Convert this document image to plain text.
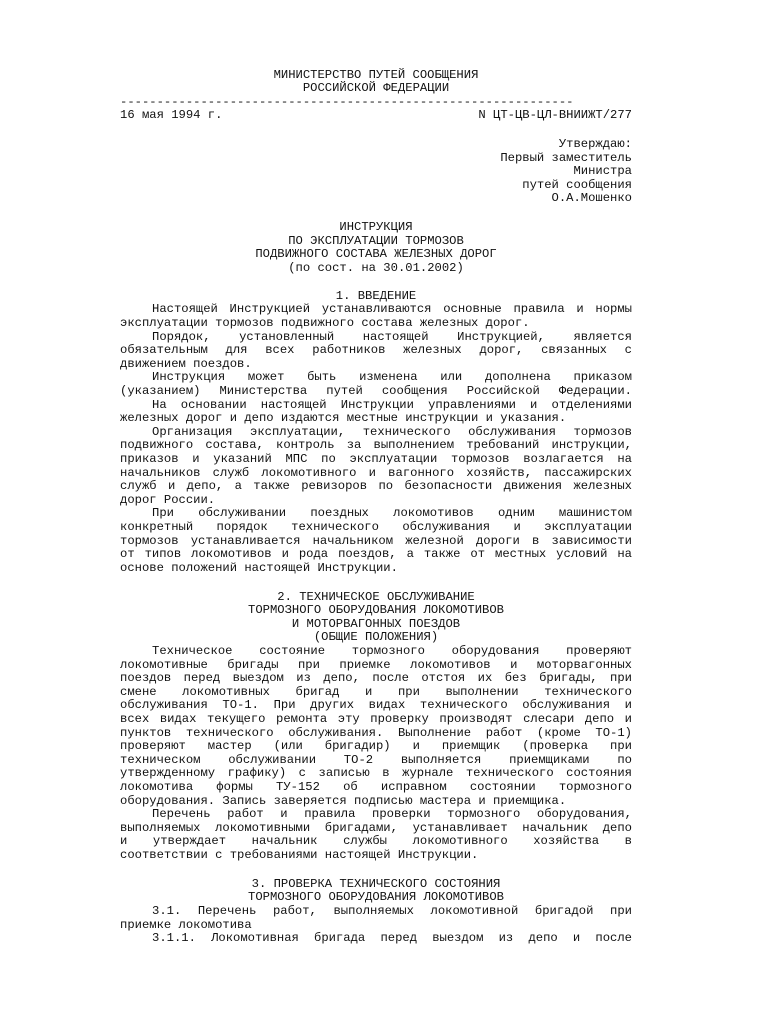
МИНИСТЕРСТВО ПУТЕЙ СООБЩЕНИЯ
РОССИЙСКОЙ ФЕДЕРАЦИИ
--------------------------------------------------------------
16 мая 1994 г.	N ЦТ-ЦВ-ЦЛ-ВНИИЖТ/277
Утверждаю:
Первый заместитель
Министра
путей сообщения
О.А.Мошенко
ИНСТРУКЦИЯ
ПО ЭКСПЛУАТАЦИИ ТОРМОЗОВ
ПОДВИЖНОГО СОСТАВА ЖЕЛЕЗНЫХ ДОРОГ
(по сост. на 30.01.2002)
1. ВВЕДЕНИЕ
Настоящей Инструкцией устанавливаются основные правила и нормы
эксплуатации тормозов подвижного состава железных дорог.
Порядок, установленный настоящей Инструкцией, является
обязательным для всех работников железных дорог, связанных с
движением поездов.
Инструкция может быть изменена или дополнена приказом
(указанием) Министерства путей сообщения Российской Федерации.
На основании настоящей Инструкции управлениями и отделениями
железных дорог и депо издаются местные инструкции и указания.
Организация эксплуатации, технического обслуживания тормозов
подвижного состава, контроль за выполнением требований инструкции,
приказов и указаний МПС по эксплуатации тормозов возлагается на
начальников служб локомотивного и вагонного хозяйств, пассажирских
служб и депо, а также ревизоров по безопасности движения железных
дорог России.
При обслуживании поездных локомотивов одним машинистом
конкретный порядок технического обслуживания и эксплуатации
тормозов устанавливается начальником железной дороги в зависимости
от типов локомотивов и рода поездов, а также от местных условий на
основе положений настоящей Инструкции.
2. ТЕХНИЧЕСКОЕ ОБСЛУЖИВАНИЕ
ТОРМОЗНОГО ОБОРУДОВАНИЯ ЛОКОМОТИВОВ
И МОТОРВАГОННЫХ ПОЕЗДОВ
(ОБЩИЕ ПОЛОЖЕНИЯ)
Техническое состояние тормозного оборудования проверяют
локомотивные бригады при приемке локомотивов и моторвагонных
поездов перед выездом из депо, после отстоя их без бригады, при
смене локомотивных бригад и при выполнении технического
обслуживания ТО-1. При других видах технического обслуживания и
всех видах текущего ремонта эту проверку производят слесари депо и
пунктов технического обслуживания. Выполнение работ (кроме ТО-1)
проверяют мастер (или бригадир) и приемщик (проверка при
техническом обслуживании ТО-2 выполняется приемщиками по
утвержденному графику) с записью в журнале технического состояния
локомотива формы ТУ-152 об исправном состоянии тормозного
оборудования. Запись заверяется подписью мастера и приемщика.
Перечень работ и правила проверки тормозного оборудования,
выполняемых локомотивными бригадами, устанавливает начальник депо
и утверждает начальник службы локомотивного хозяйства в
соответствии с требованиями настоящей Инструкции.
3. ПРОВЕРКА ТЕХНИЧЕСКОГО СОСТОЯНИЯ
ТОРМОЗНОГО ОБОРУДОВАНИЯ ЛОКОМОТИВОВ
3.1. Перечень работ, выполняемых локомотивной бригадой при
приемке локомотива
3.1.1. Локомотивная бригада перед выездом из депо и после
